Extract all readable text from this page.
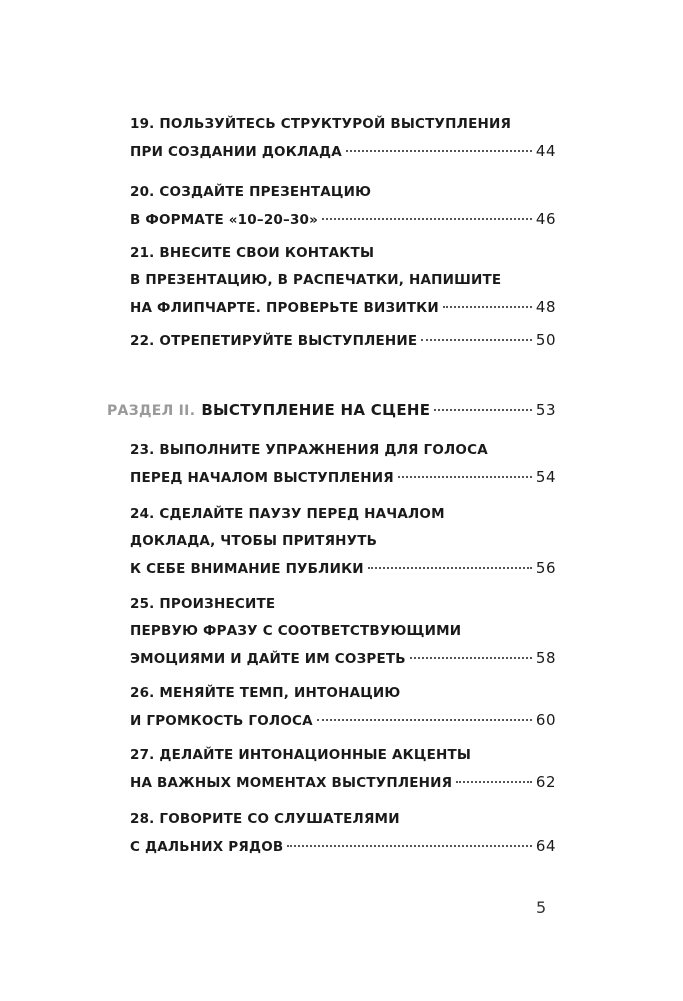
19. ПОЛЬЗУЙТЕСЬ СТРУКТУРОЙ ВЫСТУПЛЕНИЯ
ПРИ СОЗДАНИИ ДОКЛАДА	44
20. СОЗДАЙТЕ ПРЕЗЕНТАЦИЮ
В ФОРМАТЕ «10–20–30»	46
21. ВНЕСИТЕ СВОИ КОНТАКТЫ
В ПРЕЗЕНТАЦИЮ, В РАСПЕЧАТКИ, НАПИШИТЕ
НА ФЛИПЧАРТЕ. ПРОВЕРЬТЕ ВИЗИТКИ	48
22. ОТРЕПЕТИРУЙТЕ ВЫСТУПЛЕНИЕ	50
РАЗДЕЛ II. ВЫСТУПЛЕНИЕ НА СЦЕНЕ	53
23. ВЫПОЛНИТЕ УПРАЖНЕНИЯ ДЛЯ ГОЛОСА
ПЕРЕД НАЧАЛОМ ВЫСТУПЛЕНИЯ	54
24. СДЕЛАЙТЕ ПАУЗУ ПЕРЕД НАЧАЛОМ
ДОКЛАДА, ЧТОБЫ ПРИТЯНУТЬ
К СЕБЕ ВНИМАНИЕ ПУБЛИКИ	56
25. ПРОИЗНЕСИТЕ
ПЕРВУЮ ФРАЗУ С СООТВЕТСТВУЮЩИМИ
ЭМОЦИЯМИ И ДАЙТЕ ИМ СОЗРЕТЬ	58
26. МЕНЯЙТЕ ТЕМП, ИНТОНАЦИЮ
И ГРОМКОСТЬ ГОЛОСА	60
27. ДЕЛАЙТЕ ИНТОНАЦИОННЫЕ АКЦЕНТЫ
НА ВАЖНЫХ МОМЕНТАХ ВЫСТУПЛЕНИЯ	62
28. ГОВОРИТЕ СО СЛУШАТЕЛЯМИ
С ДАЛЬНИХ РЯДОВ	64
5
